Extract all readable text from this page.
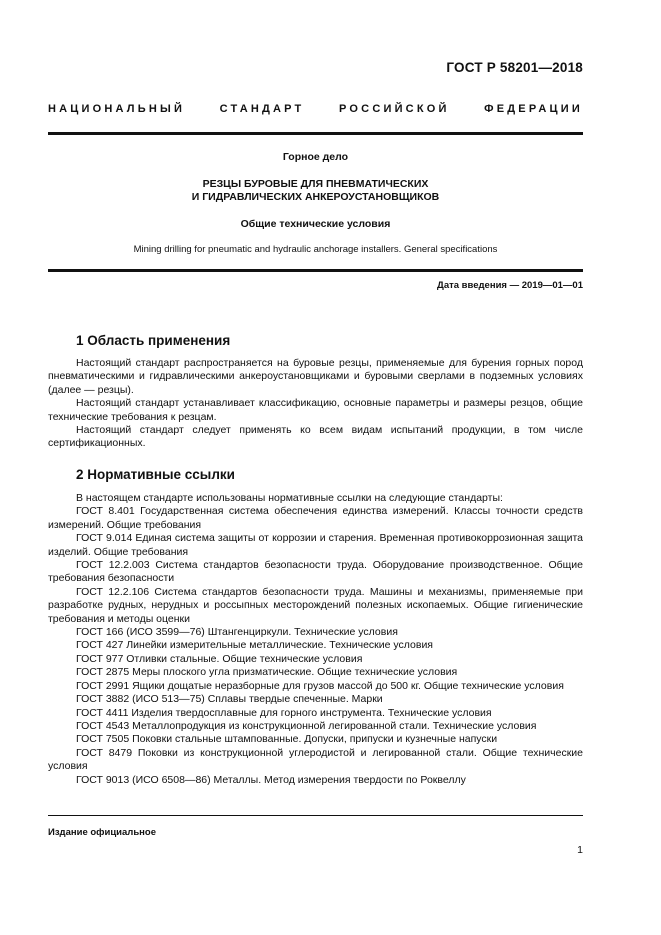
ГОСТ Р 58201—2018
НАЦИОНАЛЬНЫЙ СТАНДАРТ РОССИЙСКОЙ ФЕДЕРАЦИИ
Горное дело
РЕЗЦЫ БУРОВЫЕ ДЛЯ ПНЕВМАТИЧЕСКИХ
И ГИДРАВЛИЧЕСКИХ АНКЕРОУСТАНОВЩИКОВ
Общие технические условия
Mining drilling for pneumatic and hydraulic anchorage installers. General specifications
Дата введения — 2019—01—01
1 Область применения

Настоящий стандарт распространяется на буровые резцы, применяемые для бурения горных пород пневматическими и гидравлическими анкероустановщиками и буровыми сверлами в подземных условиях (далее — резцы).

Настоящий стандарт устанавливает классификацию, основные параметры и размеры резцов, общие технические требования к резцам.

Настоящий стандарт следует применять ко всем видам испытаний продукции, в том числе сертификационных.

2 Нормативные ссылки

В настоящем стандарте использованы нормативные ссылки на следующие стандарты:

ГОСТ 8.401 Государственная система обеспечения единства измерений. Классы точности средств измерений. Общие требования

ГОСТ 9.014 Единая система защиты от коррозии и старения. Временная противокоррозионная защита изделий. Общие требования

ГОСТ 12.2.003 Система стандартов безопасности труда. Оборудование производственное. Общие требования безопасности

ГОСТ 12.2.106 Система стандартов безопасности труда. Машины и механизмы, применяемые при разработке рудных, нерудных и россыпных месторождений полезных ископаемых. Общие гигиенические требования и методы оценки

ГОСТ 166 (ИСО 3599—76) Штангенциркули. Технические условия

ГОСТ 427 Линейки измерительные металлические. Технические условия

ГОСТ 977 Отливки стальные. Общие технические условия

ГОСТ 2875 Меры плоского угла призматические. Общие технические условия

ГОСТ 2991 Ящики дощатые неразборные для грузов массой до 500 кг. Общие технические условия

ГОСТ 3882 (ИСО 513—75) Сплавы твердые спеченные. Марки

ГОСТ 4411 Изделия твердосплавные для горного инструмента. Технические условия

ГОСТ 4543 Металлопродукция из конструкционной легированной стали. Технические условия

ГОСТ 7505 Поковки стальные штампованные. Допуски, припуски и кузнечные напуски

ГОСТ 8479 Поковки из конструкционной углеродистой и легированной стали. Общие технические условия

ГОСТ 9013 (ИСО 6508—86) Металлы. Метод измерения твердости по Роквеллу

Издание официальное
1
